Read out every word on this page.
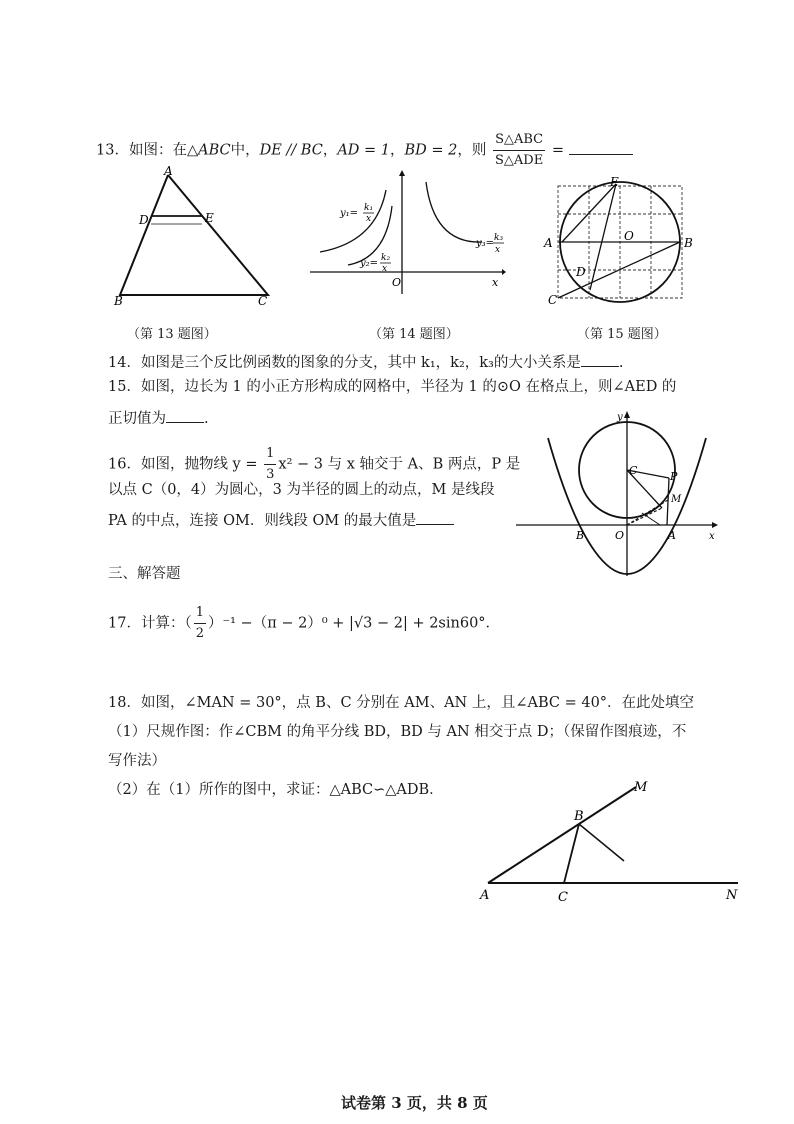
13．如图：在△ABC中，DE // BC，AD = 1，BD = 2，则 $\frac{\text{S△ABC}}{\text{S△ADE}}$ =
A
D	E
B	C
（第 13 题图）
y₁= k₁
x
y₂= k₂
x
y₃= k₃
x
O	x
（第 14 题图）
E
A	O	B
D
C
（第 15 题图）
14．如图是三个反比例函数的图象的分支，其中 k₁，k₂，k₃的大小关系是	.
15．如图，边长为 1 的小正方形构成的网格中，半径为 1 的⊙O 在格点上，则∠AED 的
正切值为	.
16．如图，抛物线 $y = \frac{1}{3} x^2 - 3$ 与 x 轴交于 A、B 两点，P 是
以点 C（0，4）为圆心，3 为半径的圆上的动点，M 是线段
PA 的中点，连接 OM．则线段 OM 的最大值是
C	P
M
B	O	A	x
y
三、解答题
17．计算：（ $\frac{1}{2} )^{-1} -(\pi - 2)^0 + |√3 - 2| + 2\sin 60^\circ$．
18．如图，∠MAN = 30°，点 B、C 分别在 AM、AN 上，且∠ABC = 40°．在此处填空
（1）尺规作图：作∠CBM 的角平分线 BD，BD 与 AN 相交于点 D；（保留作图痕迹，不
写作法）
（2）在（1）所作的图中，求证：△ABC∽△ADB．	M
B
A	C	N
试卷第 3 页，共 8 页
